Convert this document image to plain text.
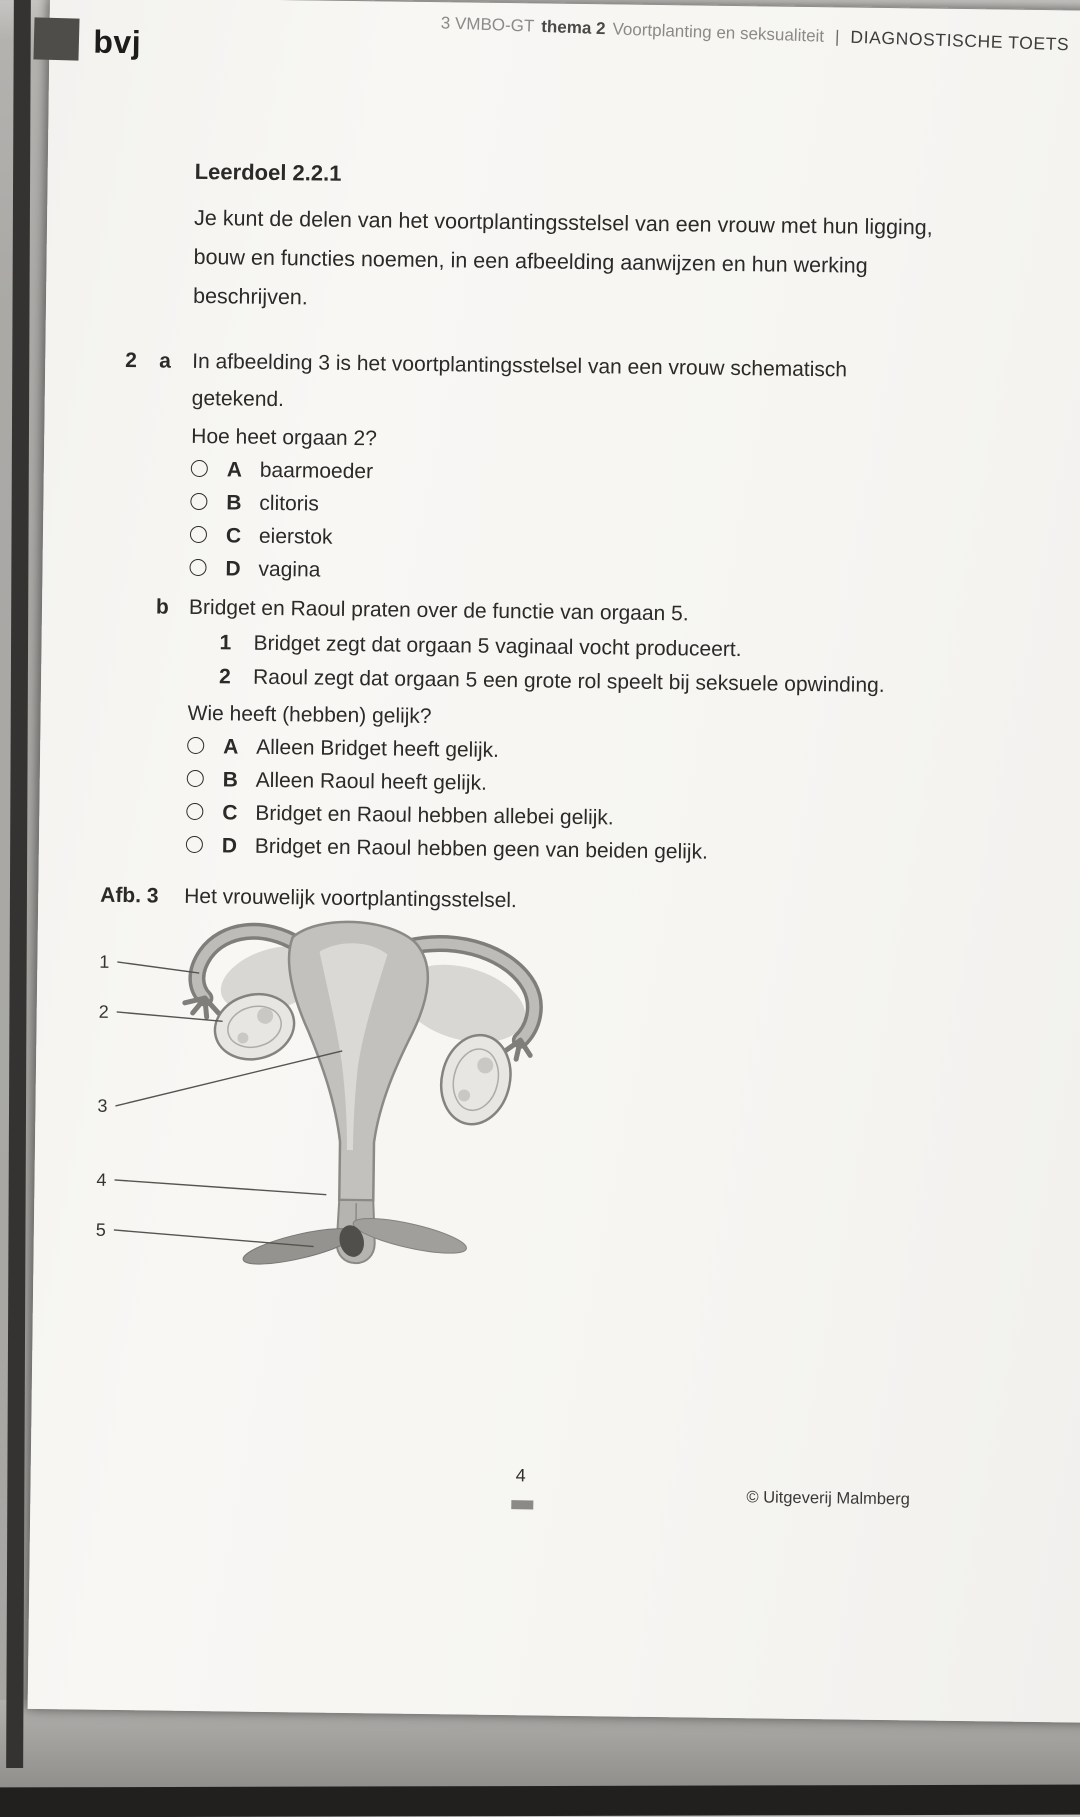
bvj	3 VMBO-GT thema 2 Voortplanting en seksualiteit | DIAGNOSTISCHE TOETS
Leerdoel 2.2.1
Je kunt de delen van het voortplantingsstelsel van een vrouw met hun ligging, bouw en functies noemen, in een afbeelding aanwijzen en hun werking beschrijven.
2	a	In afbeelding 3 is het voortplantingsstelsel van een vrouw schematisch getekend.
Hoe heet orgaan 2?
A baarmoeder
B clitoris
C eierstok
D vagina
b Bridget en Raoul praten over de functie van orgaan 5.
1	Bridget zegt dat orgaan 5 vaginaal vocht produceert.
2	Raoul zegt dat orgaan 5 een grote rol speelt bij seksuele opwinding.
Wie heeft (hebben) gelijk?
A Alleen Bridget heeft gelijk.
B Alleen Raoul heeft gelijk.
C Bridget en Raoul hebben allebei gelijk.
D Bridget en Raoul hebben geen van beiden gelijk.
Afb. 3	Het vrouwelijk voortplantingsstelsel.
1
2
3
4
5
4
© Uitgeverij Malmberg
